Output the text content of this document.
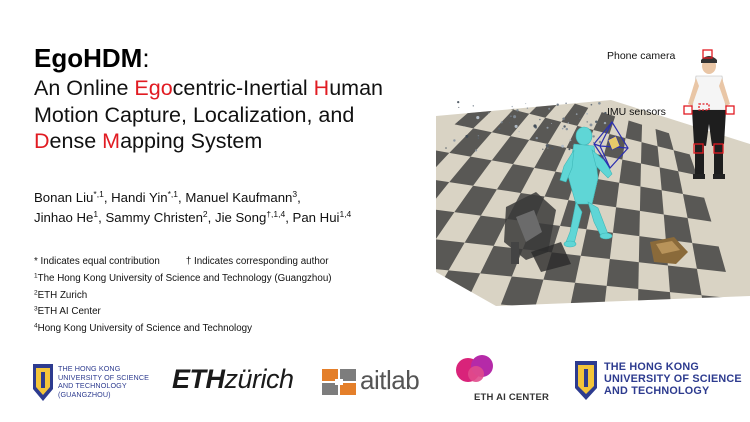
EgoHDM:
An Online Egocentric-Inertial Human
Motion Capture, Localization, and
Dense Mapping System
Bonan Liu$^{*,1}$, Handi Yin$^{*,1}$, Manuel Kaufmann$^3$,
Jinhao He$^1$, Sammy Christen$^2$, Jie Song$^{\dagger,1,4}$, Pan Hui$^{1,4}$
* Indicates equal contribution	† Indicates corresponding author
$^1$The Hong Kong University of Science and Technology (Guangzhou)
$^2$ETH Zurich
$^3$ETH AI Center
$^4$Hong Kong University of Science and Technology
Phone camera
IMU sensors
THE HONG KONG
UNIVERSITY OF SCIENCE
AND TECHNOLOGY
(GUANGZHOU)
ETHzürich	aitlab
ETH AI CENTER
THE HONG KONG
UNIVERSITY OF SCIENCE
AND TECHNOLOGY
